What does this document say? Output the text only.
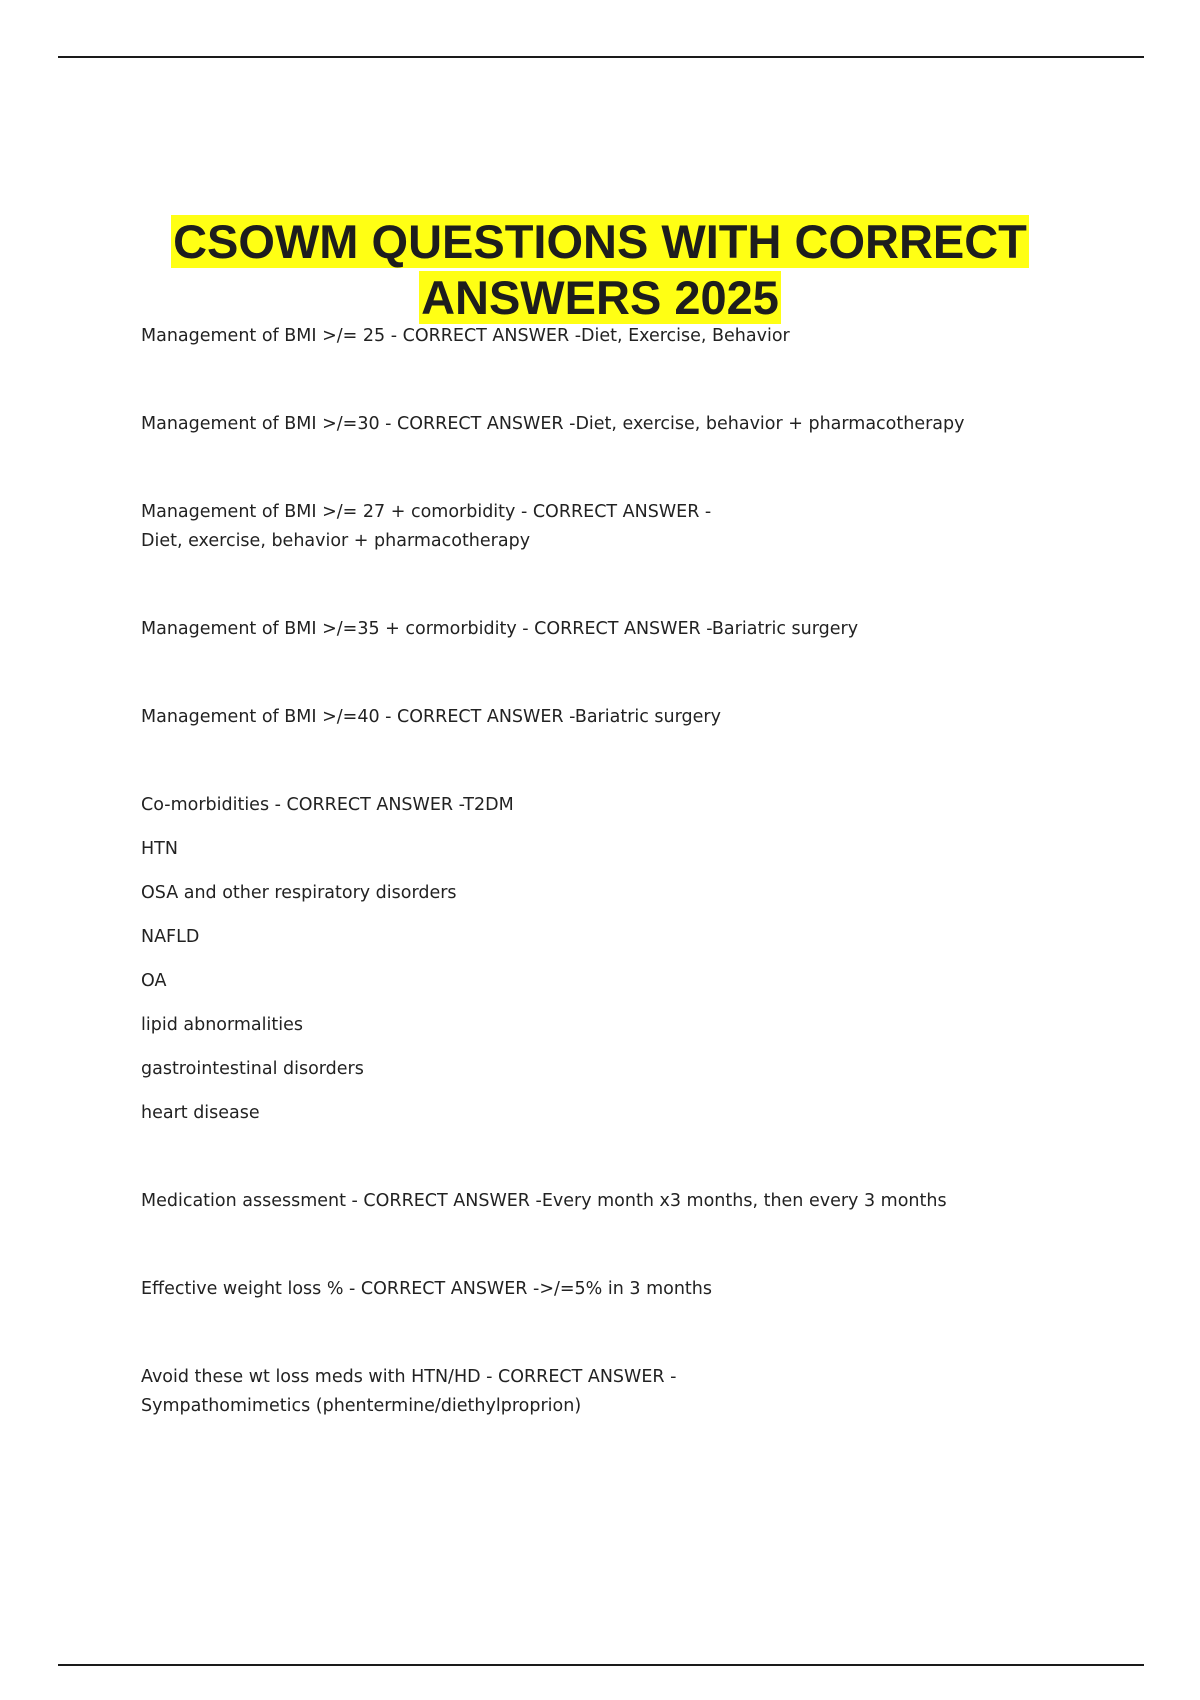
CSOWM QUESTIONS WITH CORRECT
ANSWERS 2025

Management of BMI >/= 25 - CORRECT ANSWER -Diet, Exercise, Behavior

Management of BMI >/=30 - CORRECT ANSWER -Diet, exercise, behavior + pharmacotherapy

Management of BMI >/= 27 + comorbidity - CORRECT ANSWER -
Diet, exercise, behavior + pharmacotherapy

Management of BMI >/=35 + cormorbidity - CORRECT ANSWER -Bariatric surgery

Management of BMI >/=40 - CORRECT ANSWER -Bariatric surgery

Co-morbidities - CORRECT ANSWER -T2DM

HTN
OSA and other respiratory disorders
NAFLD
OA
lipid abnormalities
gastrointestinal disorders
heart disease

Medication assessment - CORRECT ANSWER -Every month x3 months, then every 3 months

Effective weight loss % - CORRECT ANSWER ->/=5% in 3 months

Avoid these wt loss meds with HTN/HD - CORRECT ANSWER -
Sympathomimetics (phentermine/diethylproprion)
